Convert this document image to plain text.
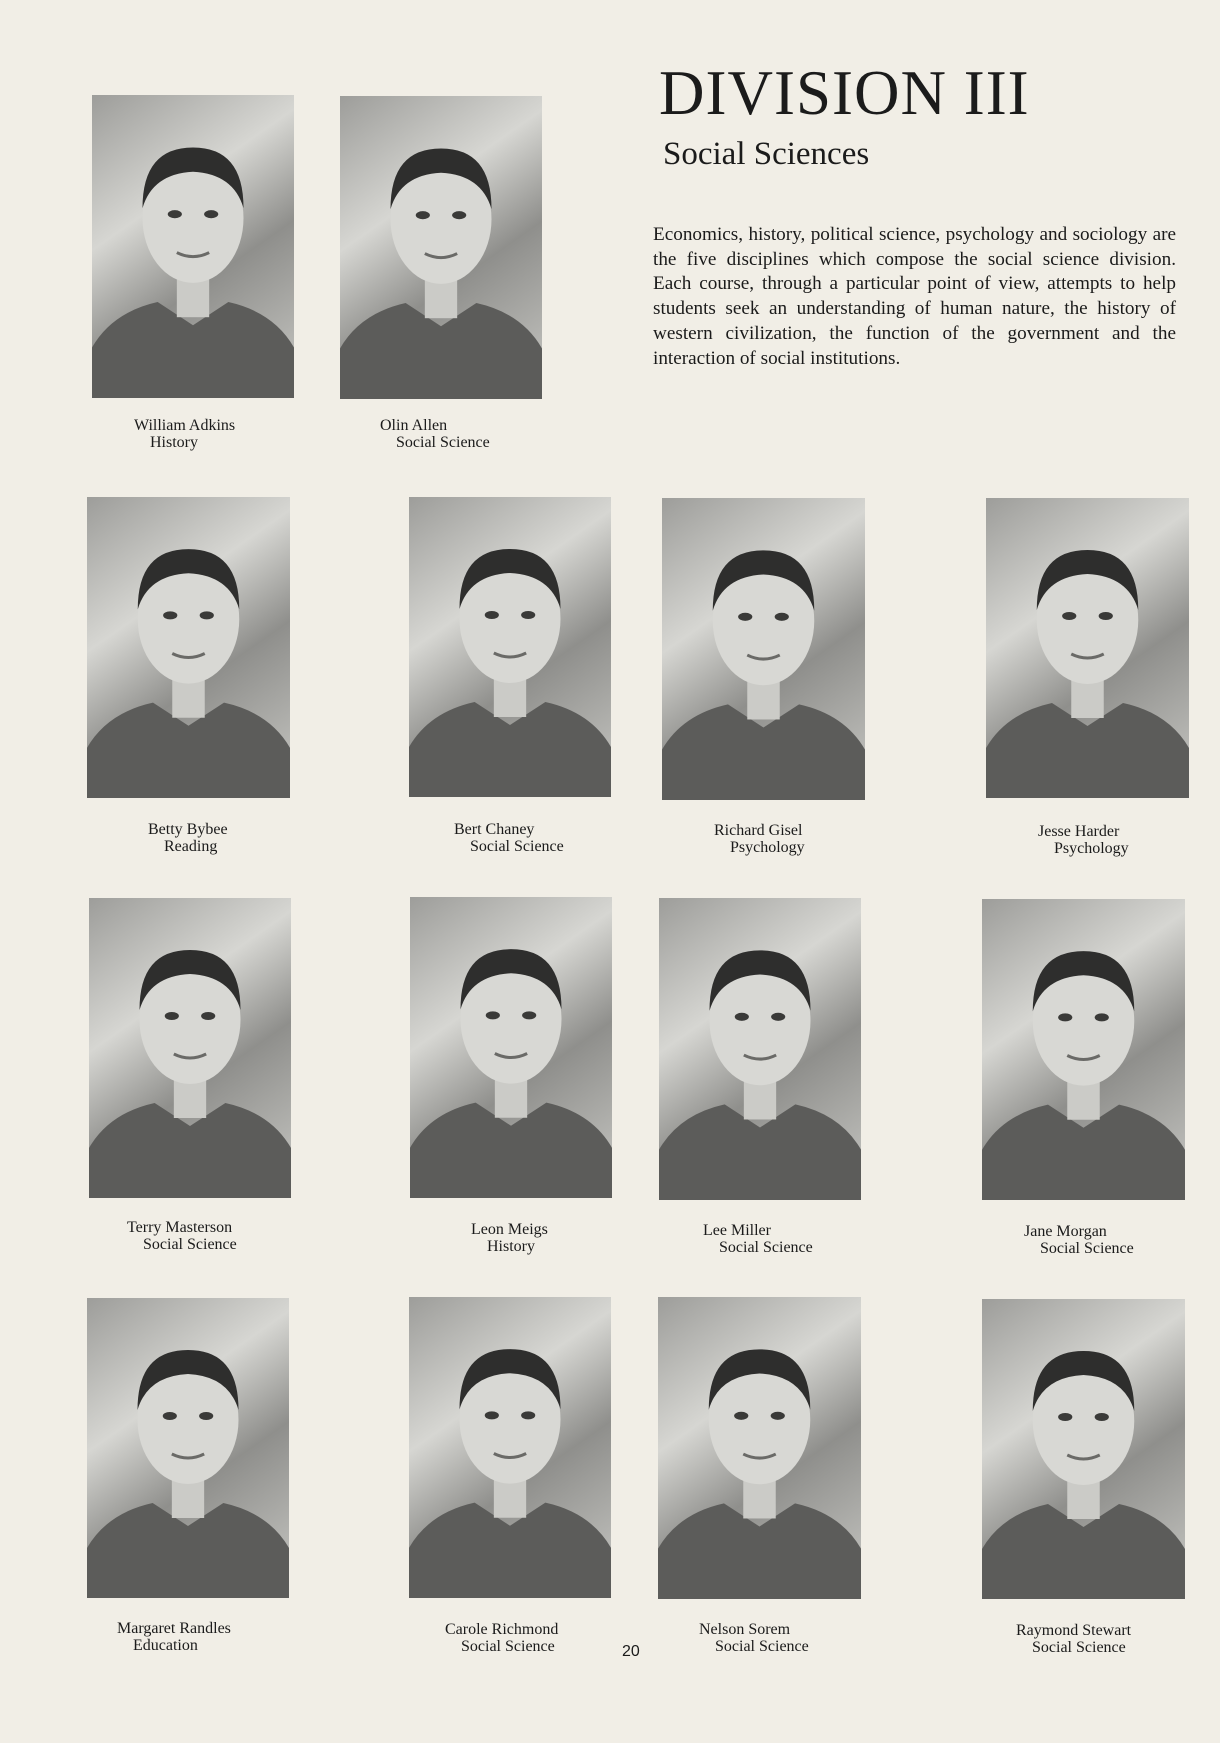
DIVISION III
Social Sciences

Economics, history, political science, psychology and sociology are the five disciplines which compose the social science division. Each course, through a particular point of view, attempts to help students seek an understanding of human nature, the history of western civilization, the function of the government and the interaction of social institutions.

William Adkins
History
Olin Allen
Social Science
Betty Bybee
Reading
Bert Chaney
Social Science
Richard Gisel
Psychology
Jesse Harder
Psychology
Terry Masterson
Social Science
Leon Meigs
History
Lee Miller
Social Science
Jane Morgan
Social Science
Margaret Randles
Education
Carole Richmond
Social Science
Nelson Sorem
Social Science
Raymond Stewart
Social Science
20
